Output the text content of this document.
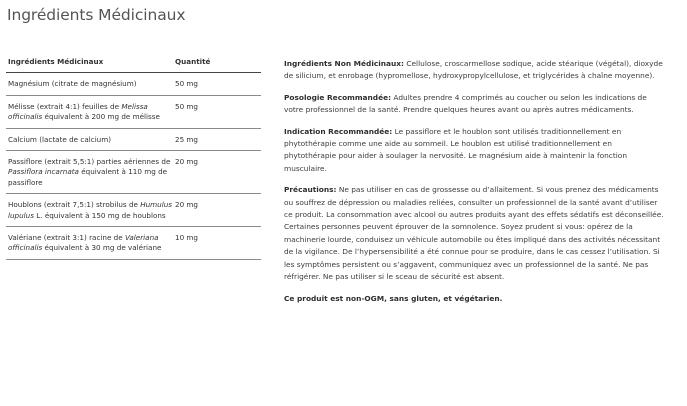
Ingrédients Médicinaux
Ingrédients Médicinaux	Quantité
Magnésium (citrate de magnésium)	50 mg
Mélisse (extrait 4:1) feuilles de Melissa officinalis équivalent à 200 mg de mélisse	50 mg
Calcium (lactate de calcium)	25 mg
Passiflore (extrait 5,5:1) parties aériennes de Passiflora incarnata équivalent à 110 mg de passiflore	20 mg
Houblons (extrait 7,5:1) strobilus de Humulus lupulus L. équivalent à 150 mg de houblons	20 mg
Valériane (extrait 3:1) racine de Valeriana officinalis équivalent à 30 mg de valériane	10 mg

Ingrédients Non Médicinaux: Cellulose, croscarmellose sodique, acide stéarique (végétal), dioxyde de silicium, et enrobage (hypromellose, hydroxypropylcellulose, et triglycérides à chaîne moyenne).

Posologie Recommandée: Adultes prendre 4 comprimés au coucher ou selon les indications de votre professionnel de la santé. Prendre quelques heures avant ou après autres médicaments.

Indication Recommandée: Le passiflore et le houblon sont utilisés traditionnellement en phytothérapie comme une aide au sommeil. Le houblon est utilisé traditionnellement en phytothérapie pour aider à soulager la nervosité. Le magnésium aide à maintenir la fonction musculaire.

Précautions: Ne pas utiliser en cas de grossesse ou d’allaitement. Si vous prenez des médicaments ou souffrez de dépression ou maladies reliées, consulter un professionnel de la santé avant d’utiliser ce produit. La consommation avec alcool ou autres produits ayant des effets sédatifs est déconseillée. Certaines personnes peuvent éprouver de la somnolence. Soyez prudent si vous: opérez de la machinerie lourde, conduisez un véhicule automobile ou êtes impliqué dans des activités nécessitant de la vigilance. De l’hypersensibilité a été connue pour se produire, dans le cas cessez l’utilisation. Si les symptômes persistent ou s’aggavent, communiquez avec un professionnel de la santé. Ne pas réfrigérer. Ne pas utiliser si le sceau de sécurité est absent.

Ce produit est non-OGM, sans gluten, et végétarien.
